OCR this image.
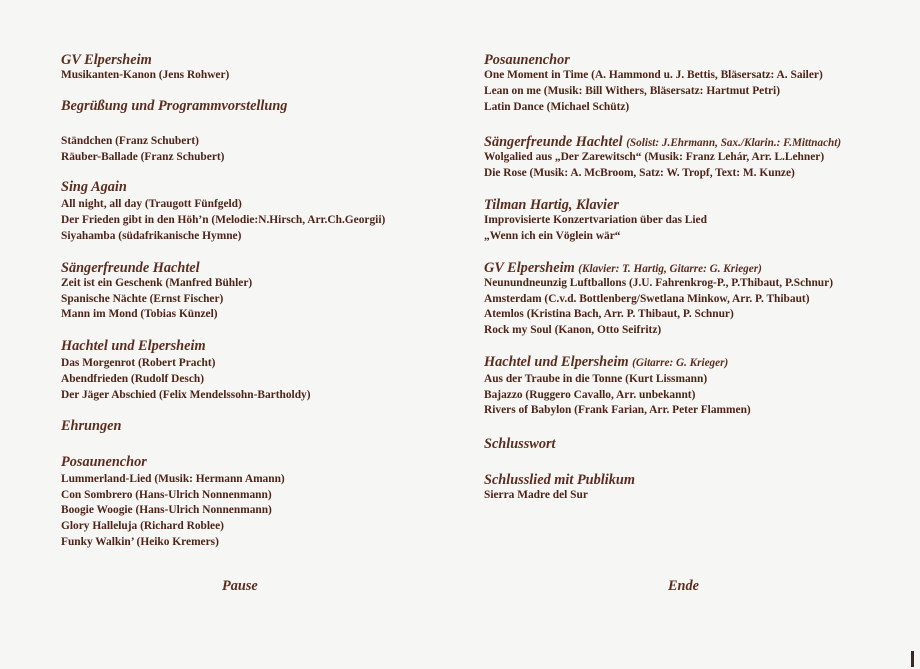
GV Elpersheim
Musikanten-Kanon (Jens Rohwer)
Begrüßung und Programmvorstellung
Ständchen (Franz Schubert)
Räuber-Ballade (Franz Schubert)
Sing Again
All night, all day (Traugott Fünfgeld)
Der Frieden gibt in den Höh’n (Melodie:N.Hirsch, Arr.Ch.Georgii)
Siyahamba (südafrikanische Hymne)
Sängerfreunde Hachtel
Zeit ist ein Geschenk (Manfred Bühler)
Spanische Nächte (Ernst Fischer)
Mann im Mond (Tobias Künzel)
Hachtel und Elpersheim
Das Morgenrot (Robert Pracht)
Abendfrieden (Rudolf Desch)
Der Jäger Abschied (Felix Mendelssohn-Bartholdy)
Ehrungen
Posaunenchor
Lummerland-Lied (Musik: Hermann Amann)
Con Sombrero (Hans-Ulrich Nonnenmann)
Boogie Woogie (Hans-Ulrich Nonnenmann)
Glory Halleluja (Richard Roblee)
Funky Walkin’ (Heiko Kremers)
Posaunenchor
One Moment in Time (A. Hammond u. J. Bettis, Bläsersatz: A. Sailer)
Lean on me (Musik: Bill Withers, Bläsersatz: Hartmut Petri)
Latin Dance (Michael Schütz)
Sängerfreunde Hachtel (Solist: J.Ehrmann, Sax./Klarin.: F.Mittnacht)
Wolgalied aus „Der Zarewitsch“ (Musik: Franz Lehár, Arr. L.Lehner)
Die Rose (Musik: A. McBroom, Satz: W. Tropf, Text: M. Kunze)
Tilman Hartig, Klavier
Improvisierte Konzertvariation über das Lied
„Wenn ich ein Vöglein wär“
GV Elpersheim (Klavier: T. Hartig, Gitarre: G. Krieger)
Neunundneunzig Luftballons (J.U. Fahrenkrog-P., P.Thibaut, P.Schnur)
Amsterdam (C.v.d. Bottlenberg/Swetlana Minkow, Arr. P. Thibaut)
Atemlos (Kristina Bach, Arr. P. Thibaut, P. Schnur)
Rock my Soul (Kanon, Otto Seifritz)
Hachtel und Elpersheim (Gitarre: G. Krieger)
Aus der Traube in die Tonne (Kurt Lissmann)
Bajazzo (Ruggero Cavallo, Arr. unbekannt)
Rivers of Babylon (Frank Farian, Arr. Peter Flammen)
Schlusswort
Schlusslied mit Publikum
Sierra Madre del Sur
Pause	Ende
